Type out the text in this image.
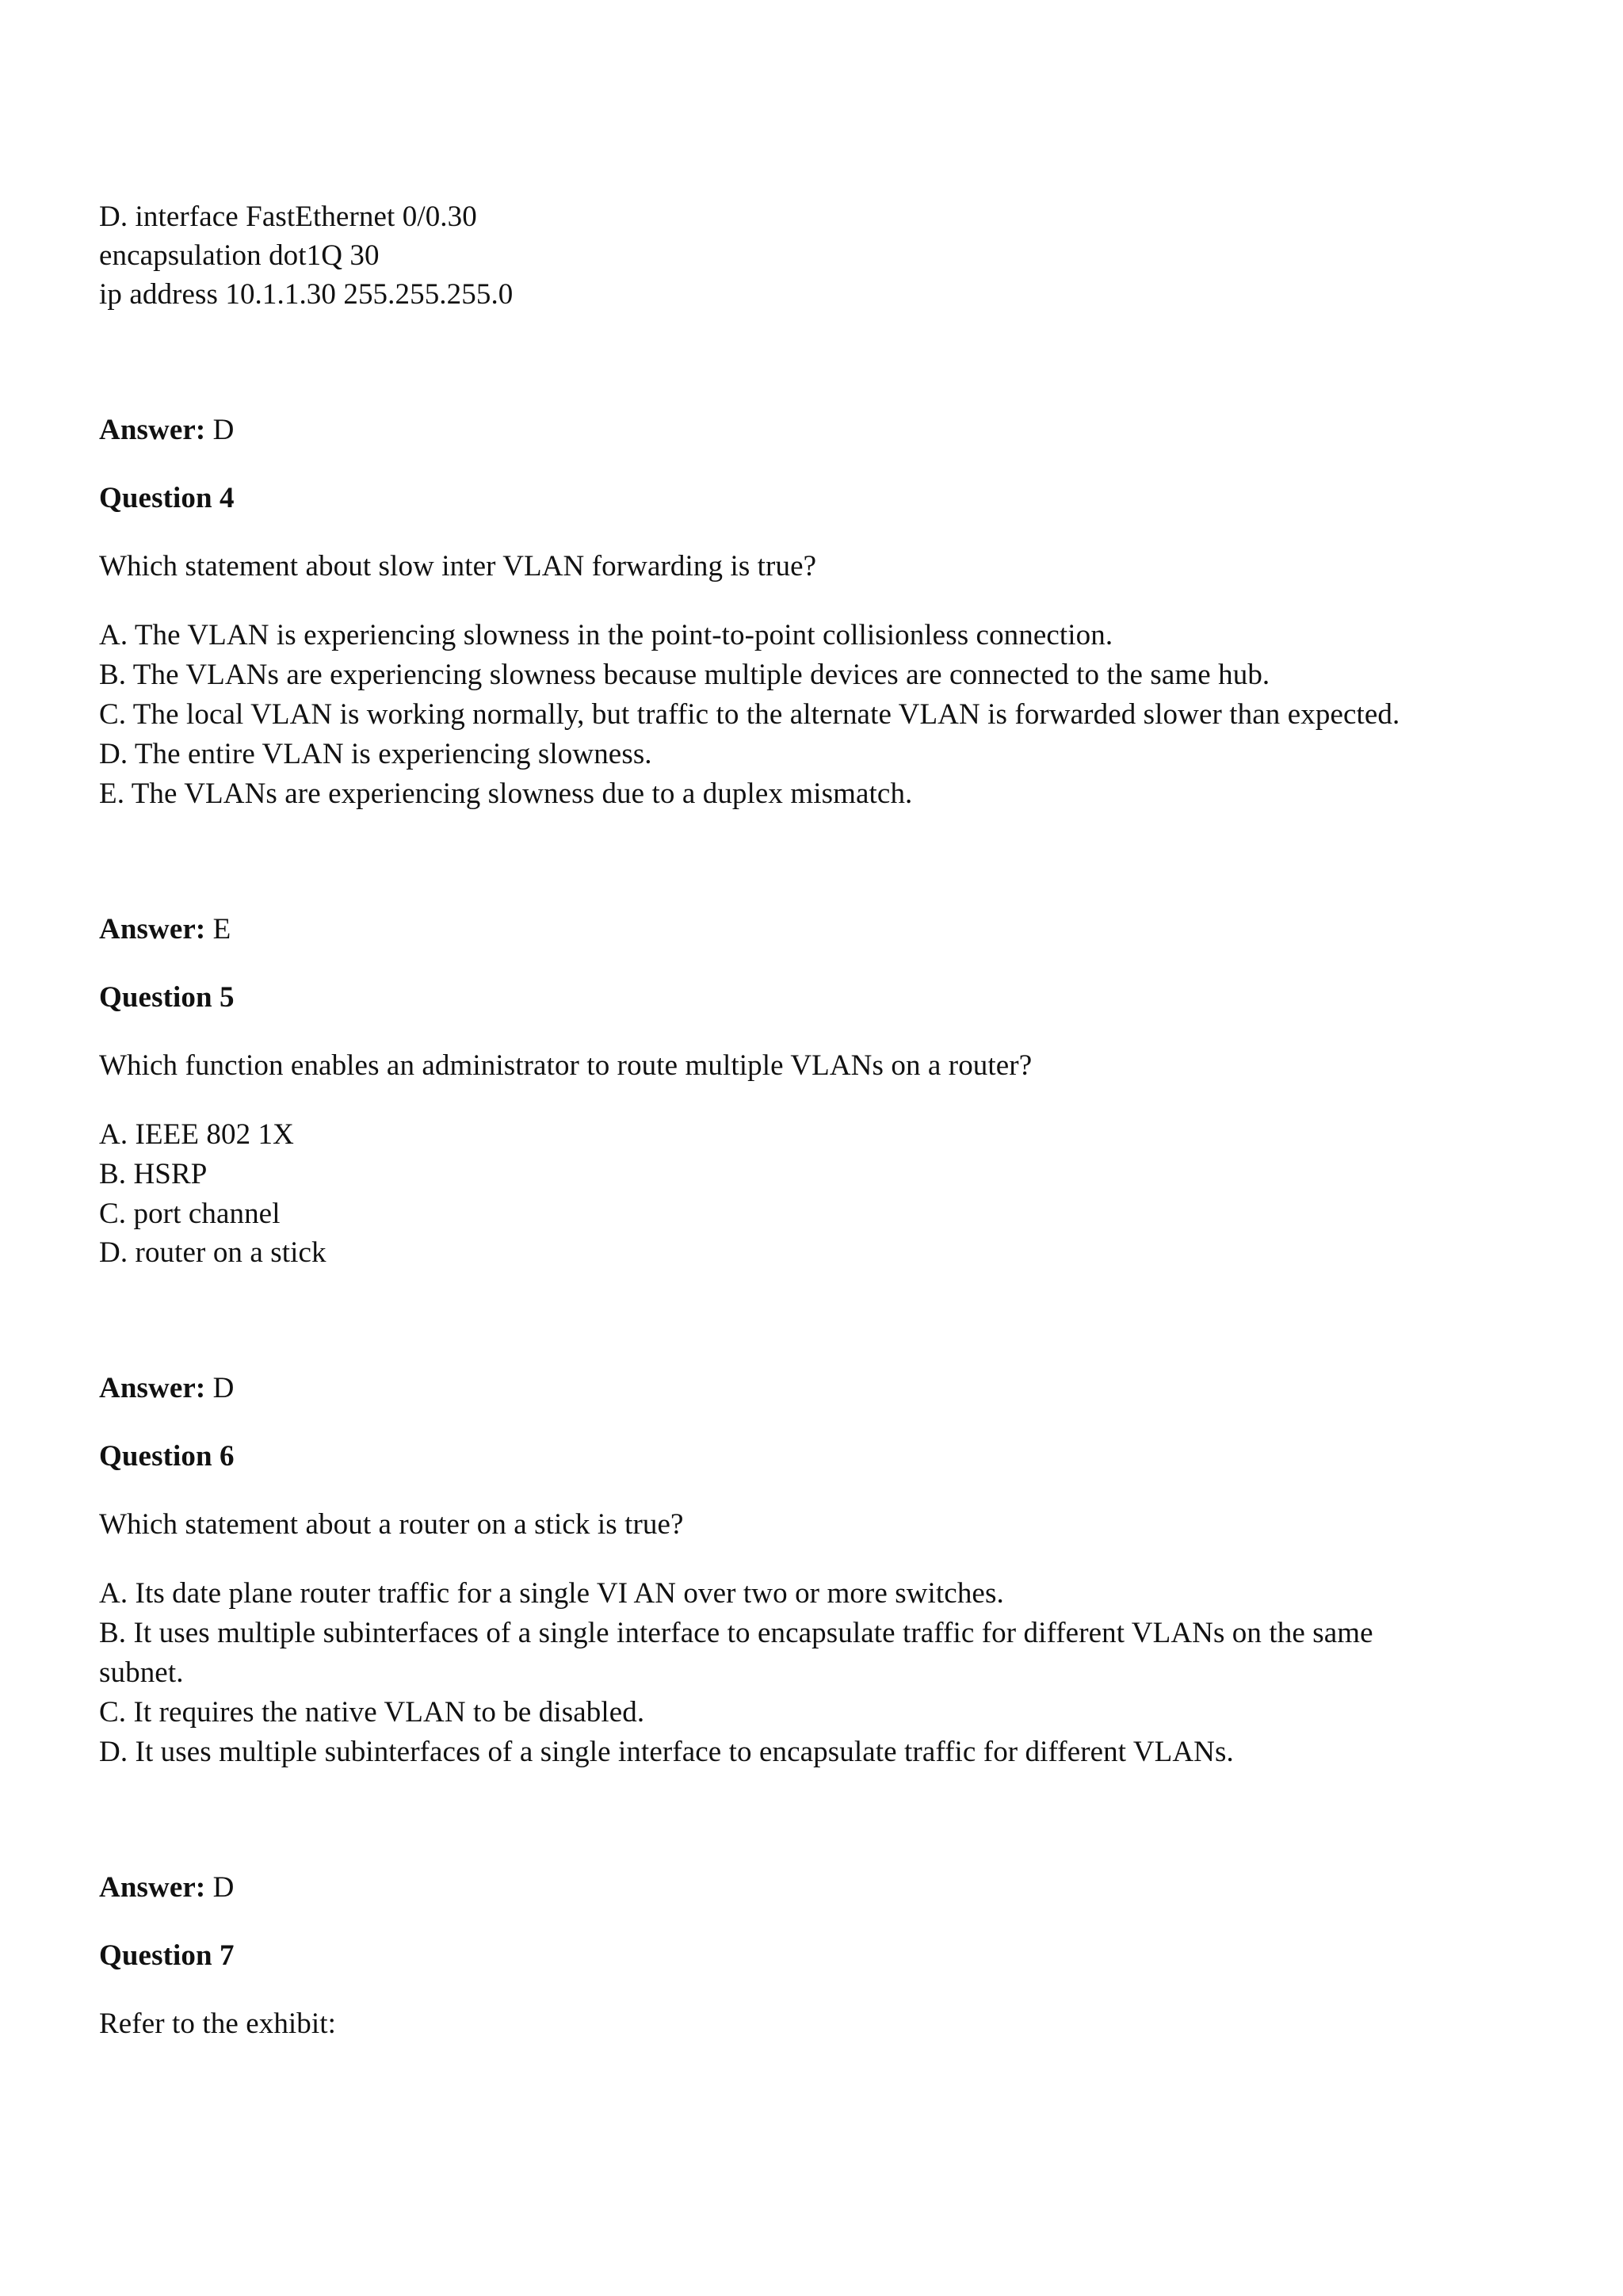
D. interface FastEthernet 0/0.30
encapsulation dot1Q 30
ip address 10.1.1.30 255.255.255.0
Answer: D
Question 4
Which statement about slow inter VLAN forwarding is true?
A. The VLAN is experiencing slowness in the point-to-point collisionless connection.
B. The VLANs are experiencing slowness because multiple devices are connected to the same hub.
C. The local VLAN is working normally, but traffic to the alternate VLAN is forwarded slower than expected.
D. The entire VLAN is experiencing slowness.
E. The VLANs are experiencing slowness due to a duplex mismatch.
Answer: E
Question 5
Which function enables an administrator to route multiple VLANs on a router?
A. IEEE 802 1X
B. HSRP
C. port channel
D. router on a stick
Answer: D
Question 6
Which statement about a router on a stick is true?
A. Its date plane router traffic for a single VI AN over two or more switches.
B. It uses multiple subinterfaces of a single interface to encapsulate traffic for different VLANs on the same
subnet.
C. It requires the native VLAN to be disabled.
D. It uses multiple subinterfaces of a single interface to encapsulate traffic for different VLANs.
Answer: D
Question 7
Refer to the exhibit:
